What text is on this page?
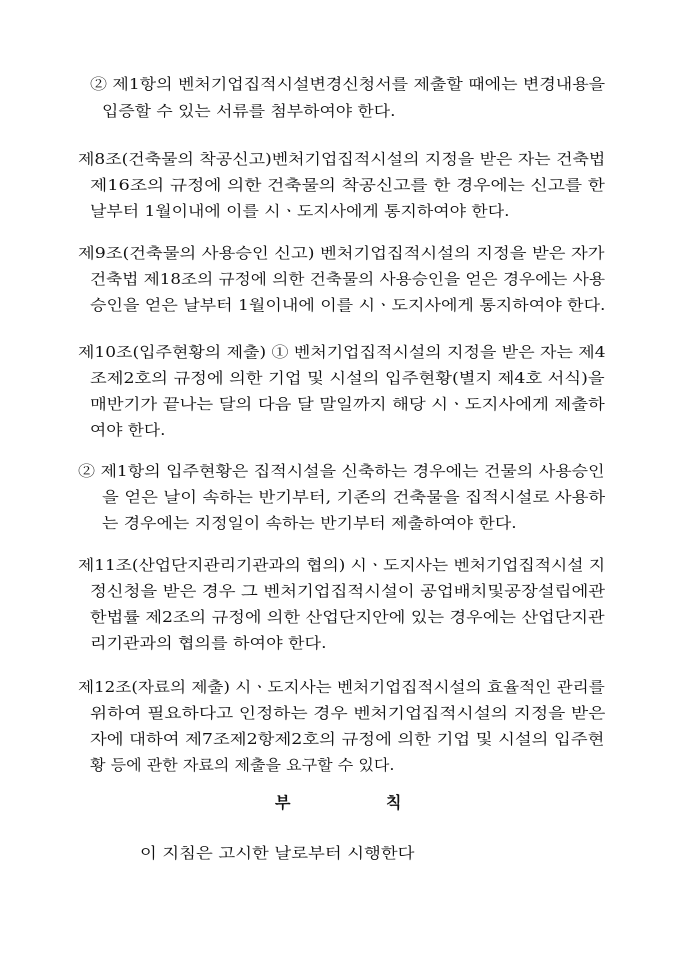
② 제1항의 벤처기업집적시설변경신청서를 제출할 때에는 변경내용을
입증할 수 있는 서류를 첨부하여야 한다.
제8조(건축물의 착공신고)벤처기업집적시설의 지정을 받은 자는 건축법
제16조의 규정에 의한 건축물의 착공신고를 한 경우에는 신고를 한
날부터 1월이내에 이를 시ㆍ도지사에게 통지하여야 한다.
제9조(건축물의 사용승인 신고) 벤처기업집적시설의 지정을 받은 자가
건축법 제18조의 규정에 의한 건축물의 사용승인을 얻은 경우에는 사용
승인을 얻은 날부터 1월이내에 이를 시ㆍ도지사에게 통지하여야 한다.
제10조(입주현황의 제출) ① 벤처기업집적시설의 지정을 받은 자는 제4
조제2호의 규정에 의한 기업 및 시설의 입주현황(별지 제4호 서식)을
매반기가 끝나는 달의 다음 달 말일까지 해당 시ㆍ도지사에게 제출하
여야 한다.
② 제1항의 입주현황은 집적시설을 신축하는 경우에는 건물의 사용승인
을 얻은 날이 속하는 반기부터, 기존의 건축물을 집적시설로 사용하
는 경우에는 지정일이 속하는 반기부터 제출하여야 한다.
제11조(산업단지관리기관과의 협의) 시ㆍ도지사는 벤처기업집적시설 지
정신청을 받은 경우 그 벤처기업집적시설이 공업배치및공장설립에관
한법률 제2조의 규정에 의한 산업단지안에 있는 경우에는 산업단지관
리기관과의 협의를 하여야 한다.
제12조(자료의 제출) 시ㆍ도지사는 벤처기업집적시설의 효율적인 관리를
위하여 필요하다고 인정하는 경우 벤처기업집적시설의 지정을 받은
자에 대하여 제7조제2항제2호의 규정에 의한 기업 및 시설의 입주현
황 등에 관한 자료의 제출을 요구할 수 있다.
부	칙
이 지침은 고시한 날로부터 시행한다
